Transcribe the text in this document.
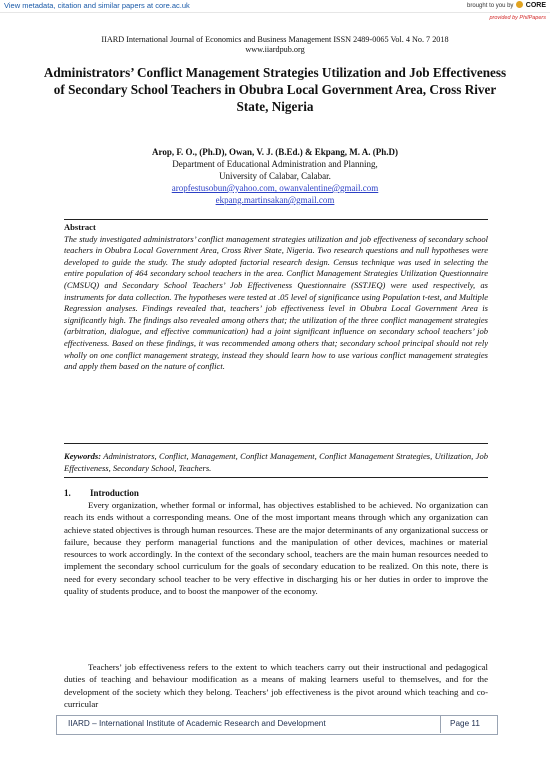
View metadata, citation and similar papers at core.ac.uk	brought to you by CORE
provided by PhilPapers
IIARD International Journal of Economics and Business Management ISSN 2489-0065 Vol. 4 No. 7 2018
www.iiardpub.org
Administrators’ Conflict Management Strategies Utilization and Job Effectiveness of Secondary School Teachers in Obubra Local Government Area, Cross River State, Nigeria
Arop, F. O., (Ph.D), Owan, V. J. (B.Ed.) & Ekpang, M. A. (Ph.D)
Department of Educational Administration and Planning,
University of Calabar, Calabar.
aropfestusobun@yahoo.com, owanvalentine@gmail.com
ekpang.martinsakan@gmail.com
Abstract
The study investigated administrators’ conflict management strategies utilization and job effectiveness of secondary school teachers in Obubra Local Government Area, Cross River State, Nigeria. Two research questions and null hypotheses were developed to guide the study. The study adopted factorial research design. Census technique was used in selecting the entire population of 464 secondary school teachers in the area. Conflict Management Strategies Utilization Questionnaire (CMSUQ) and Secondary School Teachers’ Job Effectiveness Questionnaire (SSTJEQ) were used respectively, as instruments for data collection. The hypotheses were tested at .05 level of significance using Population t-test, and Multiple Regression analyses. Findings revealed that, teachers’ job effectiveness level in Obubra Local Government Area is significantly high. The findings also revealed among others that; the utilization of the three conflict management strategies (arbitration, dialogue, and effective communication) had a joint significant influence on secondary school teachers’ job effectiveness. Based on these findings, it was recommended among others that; secondary school principal should not rely wholly on one conflict management strategy, instead they should learn how to use various conflict management strategies and apply them based on the nature of conflict.
Keywords: Administrators, Conflict, Management, Conflict Management, Conflict Management Strategies, Utilization, Job Effectiveness, Secondary School, Teachers.
1. Introduction
Every organization, whether formal or informal, has objectives established to be achieved. No organization can reach its ends without a corresponding means. One of the most important means through which any organization can achieve stated objectives is through human resources. These are the major determinants of any organizational success or failure, because they perform managerial functions and the manipulation of other devices, machines or material resources to work accordingly. In the context of the secondary school, teachers are the main human resources needed to implement the secondary school curriculum for the goals of secondary education to be realized. On this note, there is need for every secondary school teacher to be very effective in discharging his or her duties in order to improve the quality of students produce, and to boost the manpower of the economy.
Teachers’ job effectiveness refers to the extent to which teachers carry out their instructional and pedagogical duties of teaching and behaviour modification as a means of making learners useful to themselves, and for the development of the society which they belong. Teachers’ job effectiveness is the pivot around which teaching and co-curricular
IIARD – International Institute of Academic Research and Development	Page 11
